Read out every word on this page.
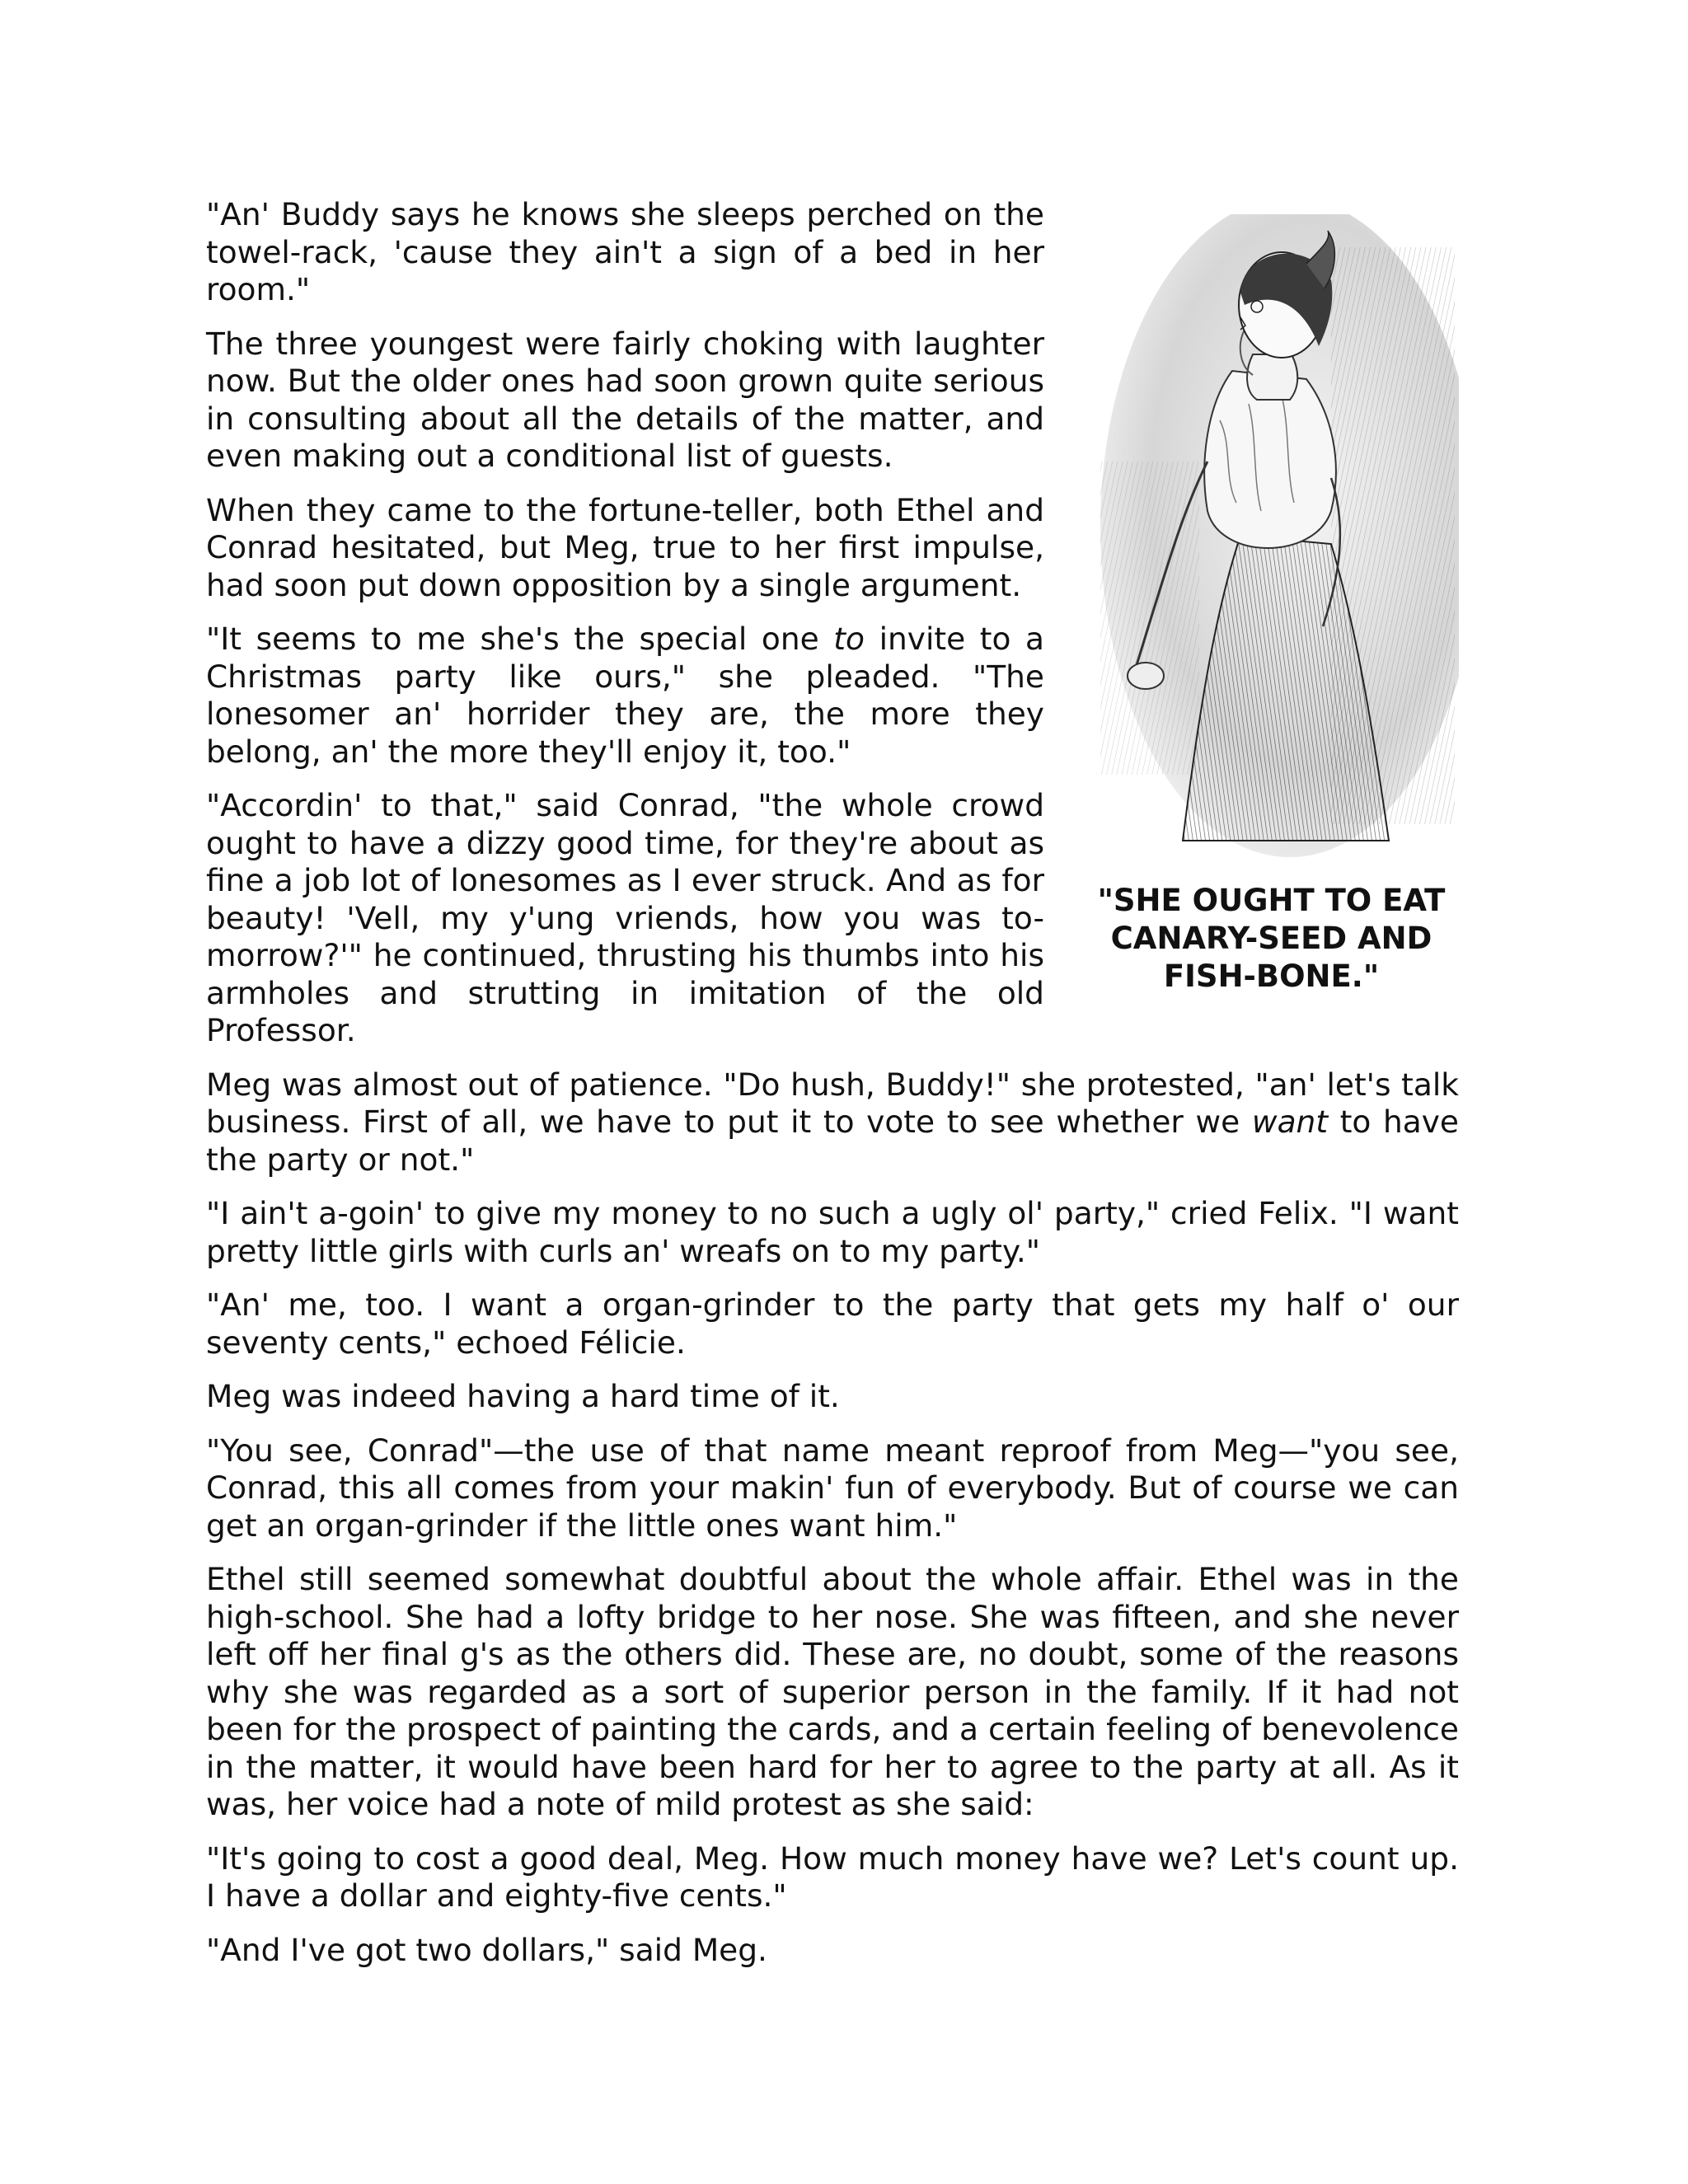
"SHE OUGHT TO EAT CANARY-SEED AND FISH-BONE."

"An' Buddy says he knows she sleeps perched on the towel-rack, 'cause they ain't a sign of a bed in her room."

The three youngest were fairly choking with laughter now. But the older ones had soon grown quite serious in consulting about all the details of the matter, and even making out a conditional list of guests.

When they came to the fortune-teller, both Ethel and Conrad hesitated, but Meg, true to her first impulse, had soon put down opposition by a single argument.

"It seems to me she's the special one to invite to a Christmas party like ours," she pleaded. "The lonesomer an' horrider they are, the more they belong, an' the more they'll enjoy it, too."

"Accordin' to that," said Conrad, "the whole crowd ought to have a dizzy good time, for they're about as fine a job lot of lonesomes as I ever struck. And as for beauty! 'Vell, my y'ung vriends, how you was to-morrow?'" he continued, thrusting his thumbs into his armholes and strutting in imitation of the old Professor.

Meg was almost out of patience. "Do hush, Buddy!" she protested, "an' let's talk business. First of all, we have to put it to vote to see whether we want to have the party or not."

"I ain't a-goin' to give my money to no such a ugly ol' party," cried Felix. "I want pretty little girls with curls an' wreafs on to my party."

"An' me, too. I want a organ-grinder to the party that gets my half o' our seventy cents," echoed Félicie.

Meg was indeed having a hard time of it.

"You see, Conrad"—the use of that name meant reproof from Meg—"you see, Conrad, this all comes from your makin' fun of everybody. But of course we can get an organ-grinder if the little ones want him."

Ethel still seemed somewhat doubtful about the whole affair. Ethel was in the high-school. She had a lofty bridge to her nose. She was fifteen, and she never left off her final g's as the others did. These are, no doubt, some of the reasons why she was regarded as a sort of superior person in the family. If it had not been for the prospect of painting the cards, and a certain feeling of benevolence in the matter, it would have been hard for her to agree to the party at all. As it was, her voice had a note of mild protest as she said:

"It's going to cost a good deal, Meg. How much money have we? Let's count up. I have a dollar and eighty-five cents."

"And I've got two dollars," said Meg.
